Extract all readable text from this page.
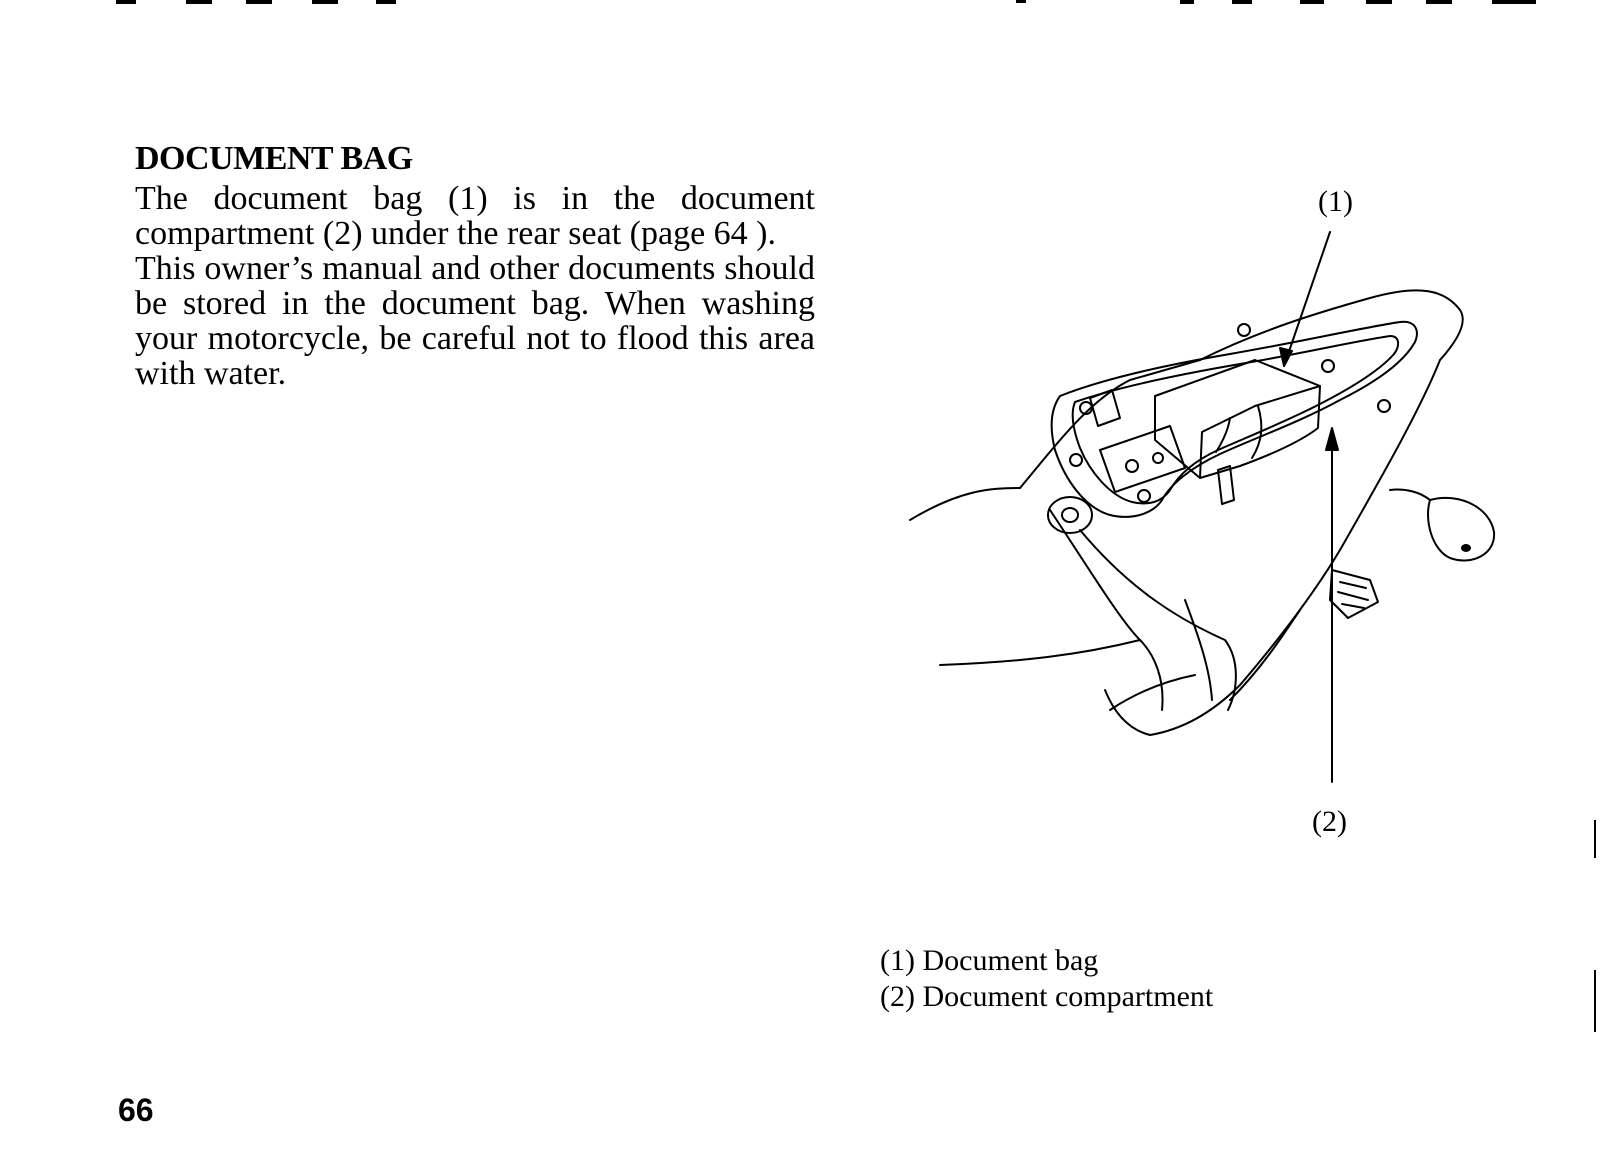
DOCUMENT BAG

The document bag (1) is in the document compartment (2) under the rear seat (page 64 ).

This owner’s manual and other documents should be stored in the document bag. When washing your motorcycle, be careful not to flood this area with water.

(1)
(2)
(1) Document bag
(2) Document compartment
66
